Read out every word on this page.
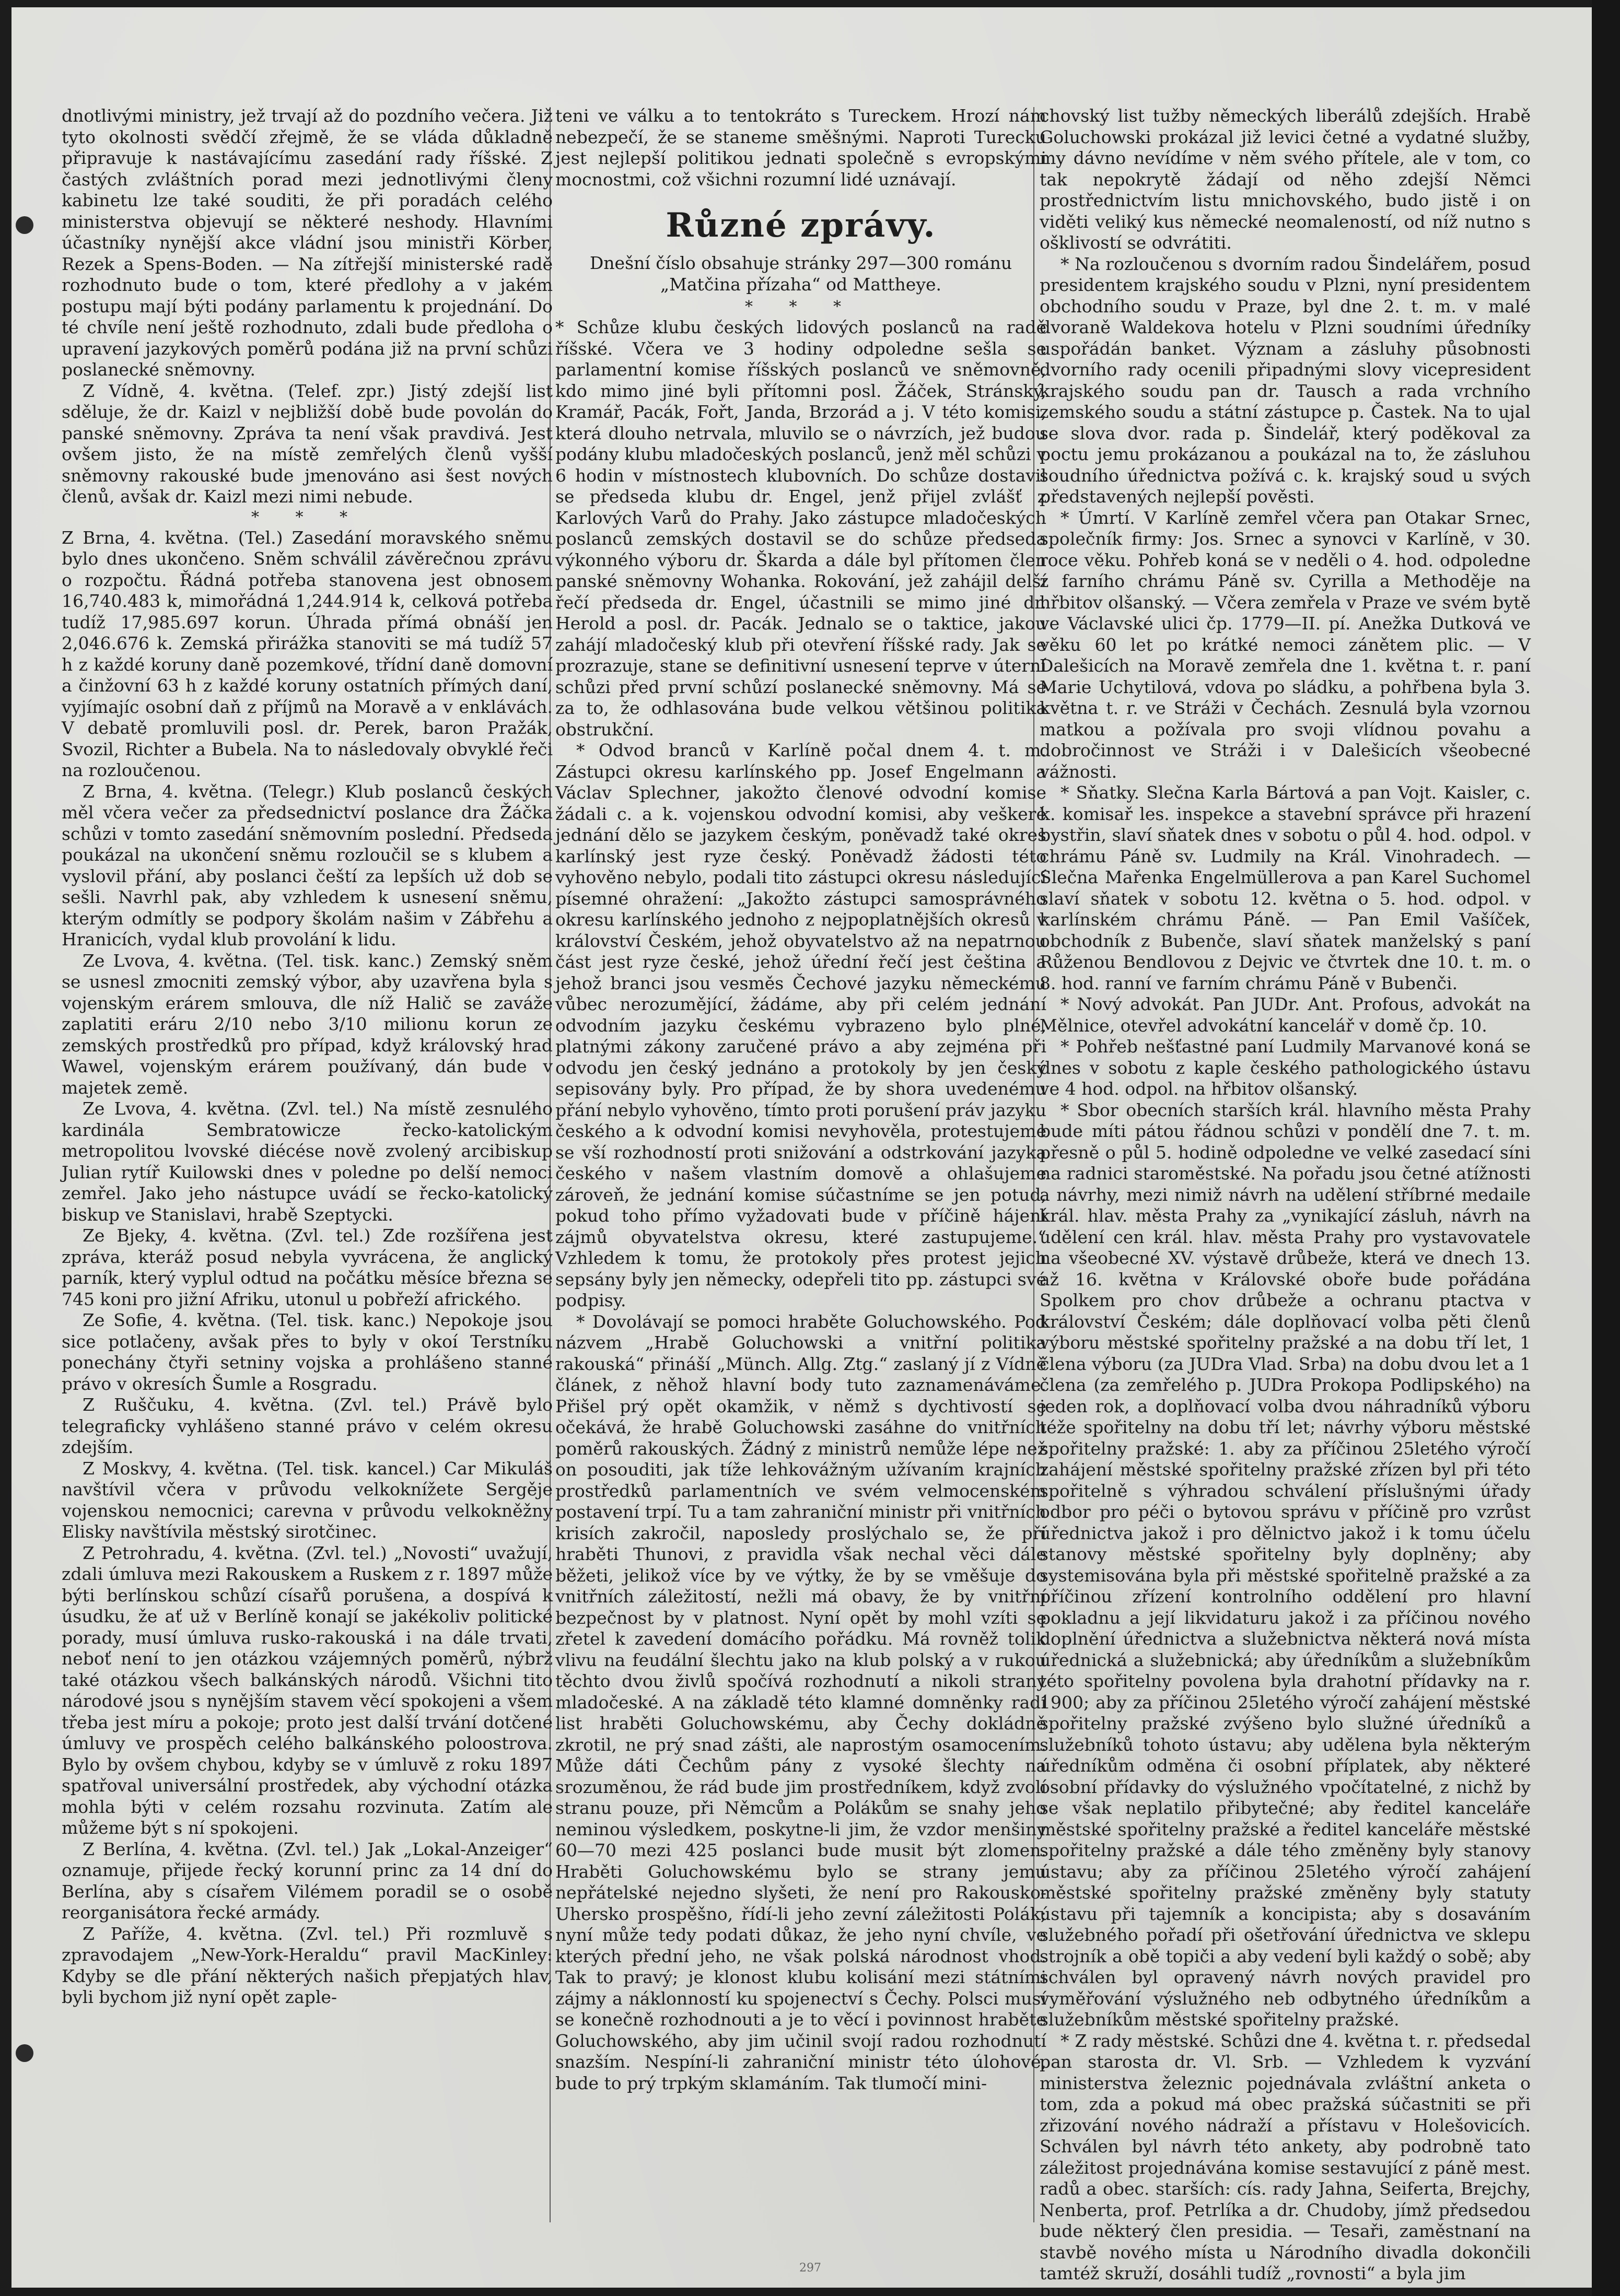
dnotlivými ministry, jež trvají až do pozdního večera. Již tyto okolnosti svědčí zřejmě, že se vláda důkladně připravuje k nastávajícímu zasedání rady říšské. Z častých zvláštních porad mezi jednotlivými členy kabinetu lze také souditi, že při poradách celého ministerstva objevují se některé neshody. Hlavními účastníky nynější akce vládní jsou ministři Körber, Rezek a Spens-Boden. — Na zítřejší ministerské radě rozhodnuto bude o tom, které předlohy a v jakém postupu mají býti podány parlamentu k projednání. Do té chvíle není ještě rozhodnuto, zdali bude předloha o upravení jazykových poměrů podána již na první schůzi poslanecké sněmovny.

Z Vídně, 4. května. (Telef. zpr.) Jistý zdejší list sděluje, že dr. Kaizl v nejbližší době bude povolán do panské sněmovny. Zpráva ta není však pravdivá. Jest ovšem jisto, že na místě zemřelých členů vyšší sněmovny rakouské bude jmenováno asi šest nových členů, avšak dr. Kaizl mezi nimi nebude.

* * *

Z Brna, 4. května. (Tel.) Zasedání moravského sněmu bylo dnes ukončeno. Sněm schválil závěrečnou zprávu o rozpočtu. Řádná potřeba stanovena jest obnosem 16,740.483 k, mimořádná 1,244.914 k, celková potřeba tudíž 17,985.697 korun. Úhrada přímá obnáší jen 2,046.676 k. Zemská přirážka stanoviti se má tudíž 57 h z každé koruny daně pozemkové, třídní daně domovní a činžovní 63 h z každé koruny ostatních přímých daní, vyjímajíc osobní daň z příjmů na Moravě a v enklávách. V debatě promluvili posl. dr. Perek, baron Pražák, Svozil, Richter a Bubela. Na to následovaly obvyklé řeči na rozloučenou.

Z Brna, 4. května. (Telegr.) Klub poslanců českých měl včera večer za předsednictví poslance dra Žáčka schůzi v tomto zasedání sněmovním poslední. Předseda poukázal na ukončení sněmu rozloučil se s klubem a vyslovil přání, aby poslanci čeští za lepších už dob se sešli. Navrhl pak, aby vzhledem k usnesení sněmu, kterým odmítly se podpory školám našim v Zábřehu a Hranicích, vydal klub provolání k lidu.

Ze Lvova, 4. května. (Tel. tisk. kanc.) Zemský sněm se usnesl zmocniti zemský výbor, aby uzavřena byla s vojenským erárem smlouva, dle níž Halič se zaváže zaplatiti eráru 2/10 nebo 3/10 milionu korun ze zemských prostředků pro případ, když královský hrad Wawel, vojenským erárem používaný, dán bude v majetek země.

Ze Lvova, 4. května. (Zvl. tel.) Na místě zesnulého kardinála Sembratowicze řecko-katolickým metropolitou lvovské diécése nově zvolený arcibiskup Julian rytíř Kuilowski dnes v poledne po delší nemoci zemřel. Jako jeho nástupce uvádí se řecko-katolický biskup ve Stanislavi, hrabě Szeptycki.

Ze Bjeky, 4. května. (Zvl. tel.) Zde rozšířena jest zpráva, kteráž posud nebyla vyvrácena, že anglický parník, který vyplul odtud na počátku měsíce března se 745 koni pro jižní Afriku, utonul u pobřeží afrického.

Ze Sofie, 4. května. (Tel. tisk. kanc.) Nepokoje jsou sice potlačeny, avšak přes to byly v okoí Terstníku ponechány čtyři setniny vojska a prohlášeno stanné právo v okresích Šumle a Rosgradu.

Z Ruščuku, 4. května. (Zvl. tel.) Právě bylo telegraficky vyhlášeno stanné právo v celém okresu zdejším.

Z Moskvy, 4. května. (Tel. tisk. kancel.) Car Mikuláš navštívil včera v průvodu velkoknížete Sergěje vojenskou nemocnici; carevna v průvodu velkokněžny Elisky navštívila městský sirotčinec.

Z Petrohradu, 4. května. (Zvl. tel.) „Novosti“ uvažují, zdali úmluva mezi Rakouskem a Ruskem z r. 1897 může býti berlínskou schůzí císařů porušena, a dospívá k úsudku, že ať už v Berlíně konají se jakékoliv politické porady, musí úmluva rusko-rakouská i na dále trvati, neboť není to jen otázkou vzájemných poměrů, nýbrž také otázkou všech balkánských národů. Všichni tito národové jsou s nynějším stavem věcí spokojeni a všem třeba jest míru a pokoje; proto jest další trvání dotčené úmluvy ve prospěch celého balkánského poloostrova. Bylo by ovšem chybou, kdyby se v úmluvě z roku 1897 spatřoval universální prostředek, aby východní otázka mohla býti v celém rozsahu rozvinuta. Zatím ale můžeme být s ní spokojeni.

Z Berlína, 4. května. (Zvl. tel.) Jak „Lokal-Anzeiger“ oznamuje, přijede řecký korunní princ za 14 dní do Berlína, aby s císařem Vilémem poradil se o osobě reorganisátora řecké armády.

Z Paříže, 4. května. (Zvl. tel.) Při rozmluvě s zpravodajem „New-York-Heraldu“ pravil MacKinley: Kdyby se dle přání některých našich přepjatých hlav, byli bychom již nyní opět zaple-

teni ve válku a to tentokráto s Tureckem. Hrozí nám nebezpečí, že se staneme směšnými. Naproti Turecku jest nejlepší politikou jednati společně s evropskými mocnostmi, což všichni rozumní lidé uznávají.

Různé zprávy.
Dnešní číslo obsahuje stránky 297—300 románu „Matčina přízaha“ od Mattheye.
* * *

* Schůze klubu českých lidových poslanců na radě říšské. Včera ve 3 hodiny odpoledne sešla se parlamentní komise říšských poslanců ve sněmovně, kdo mimo jiné byli přítomni posl. Žáček, Stránský, Kramář, Pacák, Fořt, Janda, Brzorád a j. V této komisi, která dlouho netrvala, mluvilo se o návrzích, jež budou podány klubu mladočeských poslanců, jenž měl schůzi v 6 hodin v místnostech klubovních. Do schůze dostavil se předseda klubu dr. Engel, jenž přijel zvlášť z Karlových Varů do Prahy. Jako zástupce mladočeských poslanců zemských dostavil se do schůze předseda výkonného výboru dr. Škarda a dále byl přítomen člen panské sněmovny Wohanka. Rokování, jež zahájil delší řečí předseda dr. Engel, účastnili se mimo jiné dr. Herold a posl. dr. Pacák. Jednalo se o taktice, jakou zahájí mladočeský klub při otevření říšské rady. Jak se prozrazuje, stane se definitivní usnesení teprve v úterní schůzi před první schůzí poslanecké sněmovny. Má se za to, že odhlasována bude velkou většinou politika obstrukční.

* Odvod branců v Karlíně počal dnem 4. t. m. Zástupci okresu karlínského pp. Josef Engelmann a Václav Splechner, jakožto členové odvodní komise žádali c. a k. vojenskou odvodní komisi, aby veškeré jednání dělo se jazykem českým, poněvadž také okres karlínský jest ryze český. Poněvadž žádosti této vyhověno nebylo, podali tito zástupci okresu následující písemné ohražení: „Jakožto zástupci samosprávného okresu karlínského jednoho z nejpoplatnějších okresů v království Českém, jehož obyvatelstvo až na nepatrnou část jest ryze české, jehož úřední řečí jest čeština a jehož branci jsou vesměs Čechové jazyku německému vůbec nerozumějící, žádáme, aby při celém jednání odvodním jazyku českému vybrazeno bylo plné, platnými zákony zaručené právo a aby zejména při odvodu jen český jednáno a protokoly by jen český sepisovány byly. Pro případ, že by shora uvedenému přání nebylo vyhověno, tímto proti porušení práv jazyku českého a k odvodní komisi nevyhověla, protestujeme se vší rozhodností proti snižování a odstrkování jazyka českého v našem vlastním domově a ohlašujeme zároveň, že jednání komise súčastníme se jen potud, pokud toho přímo vyžadovati bude v příčině hájení zájmů obyvatelstva okresu, které zastupujeme.“ Vzhledem k tomu, že protokoly přes protest jejich sepsány byly jen německy, odepřeli tito pp. zástupci své podpisy.

* Dovolávají se pomoci hraběte Goluchowského. Pod názvem „Hrabě Goluchowski a vnitřní politika rakouská“ přináší „Münch. Allg. Ztg.“ zaslaný jí z Vídně článek, z něhož hlavní body tuto zaznamenáváme. Přišel prý opět okamžik, v němž s dychtivostí se očekává, že hrabě Goluchowski zasáhne do vnitřních poměrů rakouských. Žádný z ministrů nemůže lépe než on posouditi, jak tíže lehkovážným užívaním krajních prostředků parlamentních ve svém velmocenském postavení trpí. Tu a tam zahraniční ministr při vnitřních krisích zakročil, naposledy proslýchalo se, že při hraběti Thunovi, z pravidla však nechal věci dále běžeti, jelikož více by ve výtky, že by se vměšuje do vnitřních záležitostí, nežli má obavy, že by vnitřní bezpečnost by v platnost. Nyní opět by mohl vzíti se zřetel k zavedení domácího pořádku. Má rovněž tolik vlivu na feudální šlechtu jako na klub polský a v rukou těchto dvou živlů spočívá rozhodnutí a nikoli strany mladočeské. A na základě této klamné domněnky radí list hraběti Goluchowskému, aby Čechy dokládně zkrotil, ne prý snad zášti, ale naprostým osamocením. Může dáti Čechům pány z vysoké šlechty na srozuměnou, že rád bude jim prostředníkem, když zvolí stranu pouze, při Němcům a Polákům se snahy jeho neminou výsledkem, poskytne-li jim, že vzdor menšiny 60—70 mezi 425 poslanci bude musit být zlomen. Hraběti Goluchowskému bylo se strany jemu nepřátelské nejedno slyšeti, že není pro Rakousko-Uhersko prospěšno, řídí-li jeho zevní záležitosti Polák; nyní může tedy podati důkaz, že jeho nyní chvíle, ve kterých přední jeho, ne však polská národnost vhod. Tak to pravý; je klonost klubu kolisání mezi státními zájmy a náklonností ku spojenectví s Čechy. Polsci musí se konečně rozhodnouti a je to věcí i povinnost hraběte Goluchowského, aby jim učinil svojí radou rozhodnutí snazším. Nespíní-li zahraniční ministr této úlohové, bude to prý trpkým sklamáním. Tak tlumočí mini-

chovský list tužby německých liberálů zdejších. Hrabě Goluchowski prokázal již levici četné a vydatné služby, my dávno nevídíme v něm svého přítele, ale v tom, co tak nepokrytě žádají od něho zdejší Němci prostřednictvím listu mnichovského, budo jistě i on viděti veliký kus německé neomaleností, od níž nutno s ošklivostí se odvrátiti.

* Na rozloučenou s dvorním radou Šindelářem, posud presidentem krajského soudu v Plzni, nyní presidentem obchodního soudu v Praze, byl dne 2. t. m. v malé dvoraně Waldekova hotelu v Plzni soudními úředníky uspořádán banket. Význam a zásluhy působnosti dvorního rady ocenili připadnými slovy vicepresident krajského soudu pan dr. Tausch a rada vrchního zemského soudu a státní zástupce p. Častek. Na to ujal se slova dvor. rada p. Šindelář, který poděkoval za poctu jemu prokázanou a poukázal na to, že zásluhou soudního úřednictva požívá c. k. krajský soud u svých představených nejlepší pověsti.

* Úmrtí. V Karlíně zemřel včera pan Otakar Srnec, společník firmy: Jos. Srnec a synovci v Karlíně, v 30. roce věku. Pohřeb koná se v neděli o 4. hod. odpoledne z farního chrámu Páně sv. Cyrilla a Methoděje na hřbitov olšanský. — Včera zemřela v Praze ve svém bytě ve Václavské ulici čp. 1779—II. pí. Anežka Dutková ve věku 60 let po krátké nemoci zánětem plic. — V Dalešicích na Moravě zemřela dne 1. května t. r. paní Marie Uchytilová, vdova po sládku, a pohřbena byla 3. května t. r. ve Stráži v Čechách. Zesnulá byla vzornou matkou a požívala pro svoji vlídnou povahu a dobročinnost ve Stráži i v Dalešicích všeobecné vážnosti.

* Sňatky. Slečna Karla Bártová a pan Vojt. Kaisler, c. k. komisař les. inspekce a stavební správce při hrazení bystřin, slaví sňatek dnes v sobotu o půl 4. hod. odpol. v chrámu Páně sv. Ludmily na Král. Vinohradech. — Slečna Mařenka Engelmüllerova a pan Karel Suchomel slaví sňatek v sobotu 12. května o 5. hod. odpol. v karlínském chrámu Páně. — Pan Emil Vašíček, obchodník z Bubenče, slaví sňatek manželský s paní Růženou Bendlovou z Dejvic ve čtvrtek dne 10. t. m. o 8. hod. ranní ve farním chrámu Páně v Bubenči.

* Nový advokát. Pan JUDr. Ant. Profous, advokát na Mělnice, otevřel advokátní kancelář v domě čp. 10.

* Pohřeb nešťastné paní Ludmily Marvanové koná se dnes v sobotu z kaple českého pathologického ústavu ve 4 hod. odpol. na hřbitov olšanský.

* Sbor obecních starších král. hlavního města Prahy bude míti pátou řádnou schůzi v pondělí dne 7. t. m. přesně o půl 5. hodině odpoledne ve velké zasedací síni na radnici staroměstské. Na pořadu jsou četné atížnosti a návrhy, mezi nimiž návrh na udělení stříbrné medaile král. hlav. města Prahy za „vynikající zásluh, návrh na udělení cen král. hlav. města Prahy pro vystavovatele na všeobecné XV. výstavě drůbeže, která ve dnech 13. až 16. května v Královské oboře bude pořádána Spolkem pro chov drůbeže a ochranu ptactva v království Českém; dále doplňovací volba pěti členů výboru městské spořitelny pražské a na dobu tří let, 1 člena výboru (za JUDra Vlad. Srba) na dobu dvou let a 1 člena (za zemřelého p. JUDra Prokopa Podlipského) na jeden rok, a doplňovací volba dvou náhradníků výboru téže spořitelny na dobu tří let; návrhy výboru městské spořitelny pražské: 1. aby za příčinou 25letého výročí zahájení městské spořitelny pražské zřízen byl při této spořitelně s výhradou schválení příslušnými úřady odbor pro péči o bytovou správu v příčině pro vzrůst úřednictva jakož i pro dělnictvo jakož i k tomu účelu stanovy městské spořitelny byly doplněny; aby systemisována byla při městské spořitelně pražské a za příčinou zřízení kontrolního oddělení pro hlavní pokladnu a její likvidaturu jakož i za příčinou nového doplnění úřednictva a služebnictva některá nová místa úřednická a služebnická; aby úředníkům a služebníkům této spořitelny povolena byla drahotní přídavky na r. 1900; aby za příčinou 25letého výročí zahájení městské spořitelny pražské zvýšeno bylo služné úředníků a služebníků tohoto ústavu; aby udělena byla některým úředníkům odměna či osobní příplatek, aby některé osobní přídavky do výslužného vpočítatelné, z nichž by se však neplatilo přibytečné; aby ředitel kanceláře městské spořitelny pražské a ředitel kanceláře městské spořitelny pražské a dále tého změněny byly stanovy ústavu; aby za příčinou 25letého výročí zahájení městské spořitelny pražské změněny byly statuty ústavu při tajemník a koncipista; aby s dosaváním služebného pořadí při ošetřování úřednictva ve sklepu strojník a obě topiči a aby vedení byli každý o sobě; aby schválen byl opravený návrh nových pravidel pro vyměřování výslužného neb odbytného úředníkům a služebníkům městské spořitelny pražské.

* Z rady městské. Schůzi dne 4. května t. r. předsedal pan starosta dr. Vl. Srb. — Vzhledem k vyzvání ministerstva železnic pojednávala zvláštní anketa o tom, zda a pokud má obec pražská súčastniti se při zřizování nového nádraží a přístavu v Holešovicích. Schválen byl návrh této ankety, aby podrobně tato záležitost projednávána komise sestavující z páně mest. radů a obec. starších: cís. rady Jahna, Seiferta, Brejchy, Nenberta, prof. Petrlíka a dr. Chudoby, jímž předsedou bude některý člen presidia. — Tesaři, zaměstnaní na stavbě nového místa u Národního divadla dokončili tamtéž skruží, dosáhli tudíž „rovnosti“ a byla jim

297
